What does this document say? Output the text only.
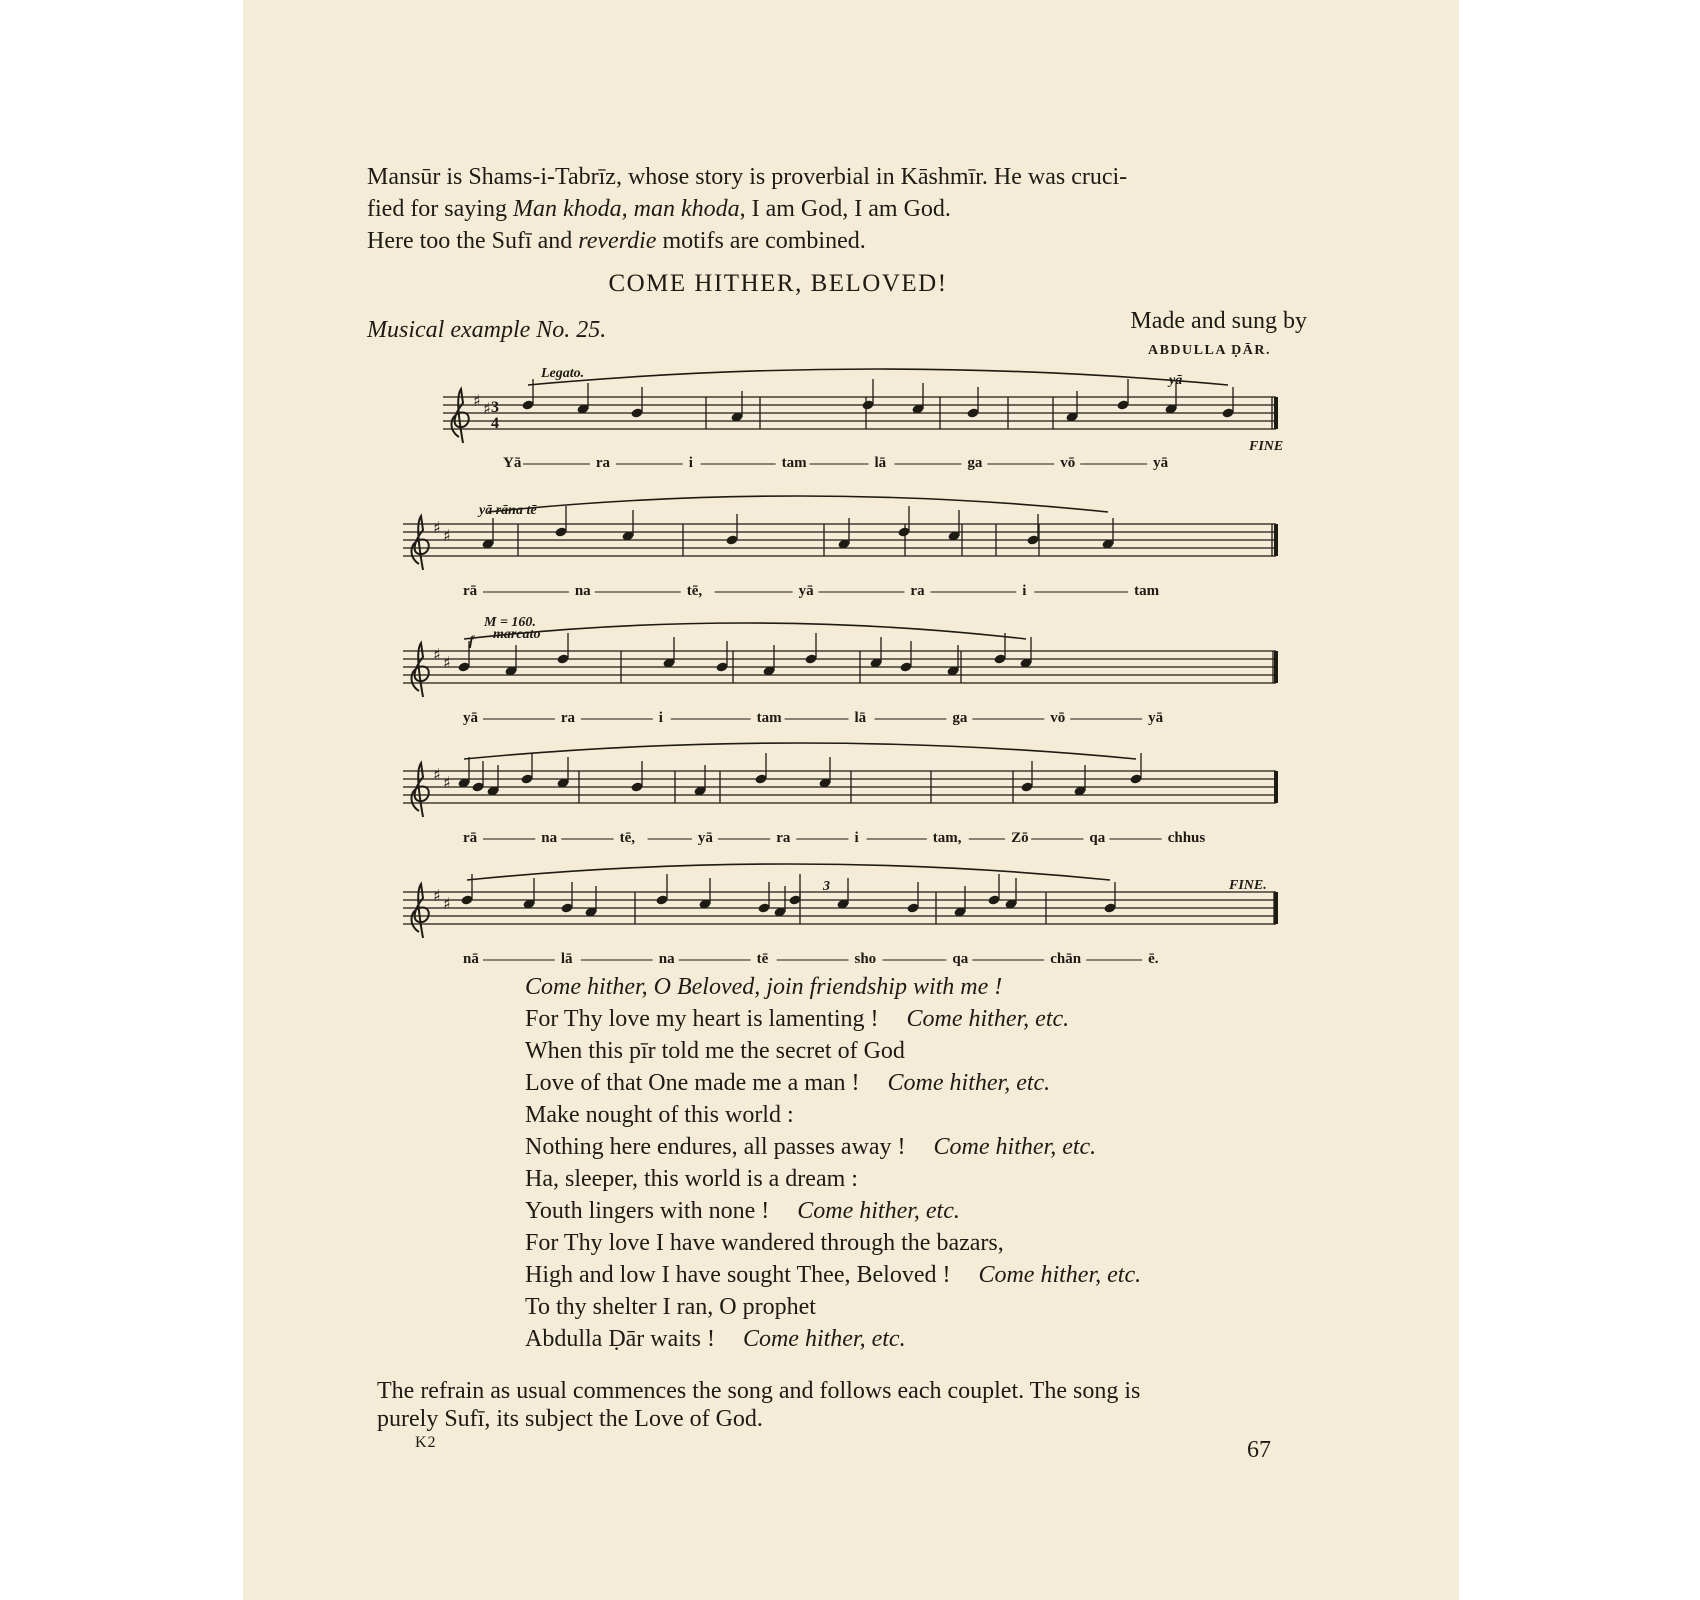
Mansūr is Shams-i-Tabrīz, whose story is proverbial in Kāshmīr. He was cruci-
fied for saying Man khoda, man khoda, I am God, I am God.
Here too the Sufī and reverdie motifs are combined.
COME HITHER, BELOVED!
Musical example No. 25.	Made and sung by
ABDULLA ḌĀR.
♯ ♯ 3
4
♯ ♯
♯ ♯
♯ ♯
♯ ♯
Legato.	yā
FINE
yā rāna tē
M = 160.
f marcato
FINE.
3
Yā	ra	i	tam	lā	ga	vō	yā
rā	na	tē,	yā	ra	i	tam
yā	ra	i	tam	lā	ga	vō	yā
rā	na	tē,	yā	ra	i	tam,	Zō	qa	chhus
nā	lā	na	tē	sho	qa	chān	ē.
Come hither, O Beloved, join friendship with me !
For Thy love my heart is lamenting ! Come hither, etc.
When this pīr told me the secret of God
Love of that One made me a man ! Come hither, etc.
Make nought of this world :
Nothing here endures, all passes away ! Come hither, etc.
Ha, sleeper, this world is a dream :
Youth lingers with none ! Come hither, etc.
For Thy love I have wandered through the bazars,
High and low I have sought Thee, Beloved ! Come hither, etc.
To thy shelter I ran, O prophet
Abdulla Ḍār waits ! Come hither, etc.
The refrain as usual commences the song and follows each couplet. The song is
purely Sufī, its subject the Love of God.
K2	67
